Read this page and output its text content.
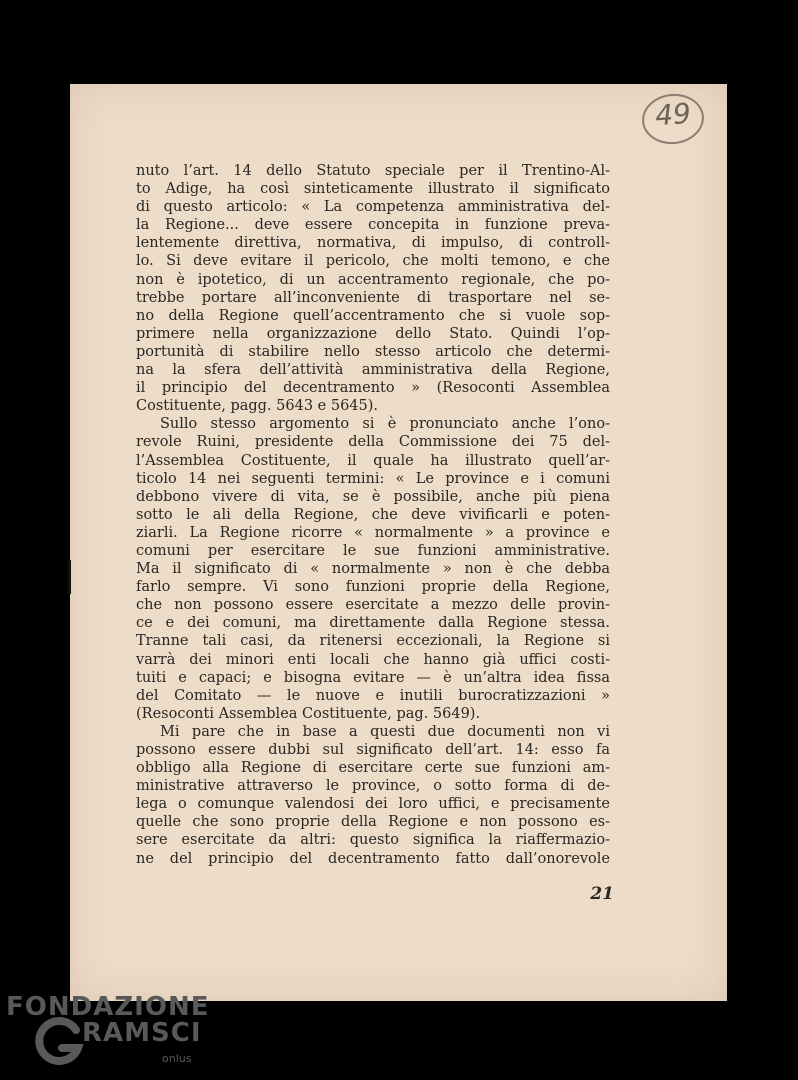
49
nuto l’art. 14 dello Statuto speciale per il Trentino-Al-
to Adige, ha così sinteticamente illustrato il significato
di questo articolo: « La competenza amministrativa del-
la Regione... deve essere concepita in funzione preva-
lentemente direttiva, normativa, di impulso, di controll-
lo. Si deve evitare il pericolo, che molti temono, e che
non è ipotetico, di un accentramento regionale, che po-
trebbe portare all’inconveniente di trasportare nel se-
no della Regione quell’accentramento che si vuole sop-
primere nella organizzazione dello Stato. Quindi l’op-
portunità di stabilire nello stesso articolo che determi-
na la sfera dell’attività amministrativa della Regione,
il principio del decentramento » (Resoconti Assemblea
Costituente, pagg. 5643 e 5645).
Sullo stesso argomento si è pronunciato anche l’ono-
revole Ruini, presidente della Commissione dei 75 del-
l’Assemblea Costituente, il quale ha illustrato quell’ar-
ticolo 14 nei seguenti termini: « Le province e i comuni
debbono vivere di vita, se è possibile, anche più piena
sotto le ali della Regione, che deve vivificarli e poten-
ziarli. La Regione ricorre « normalmente » a province e
comuni per esercitare le sue funzioni amministrative.
Ma il significato di « normalmente » non è che debba
farlo sempre. Vi sono funzioni proprie della Regione,
che non possono essere esercitate a mezzo delle provin-
ce e dei comuni, ma direttamente dalla Regione stessa.
Tranne tali casi, da ritenersi eccezionali, la Regione si
varrà dei minori enti locali che hanno già uffici costi-
tuiti e capaci; e bisogna evitare — è un’altra idea fissa
del Comitato — le nuove e inutili burocratizzazioni »
(Resoconti Assemblea Costituente, pag. 5649).
Mi pare che in base a questi due documenti non vi
possono essere dubbi sul significato dell’art. 14: esso fa
obbligo alla Regione di esercitare certe sue funzioni am-
ministrative attraverso le province, o sotto forma di de-
lega o comunque valendosi dei loro uffici, e precisamente
quelle che sono proprie della Regione e non possono es-
sere esercitate da altri: questo significa la riaffermazio-
ne del principio del decentramento fatto dall’onorevole
21
FONDAZIONE
RAMSCI
onlus
